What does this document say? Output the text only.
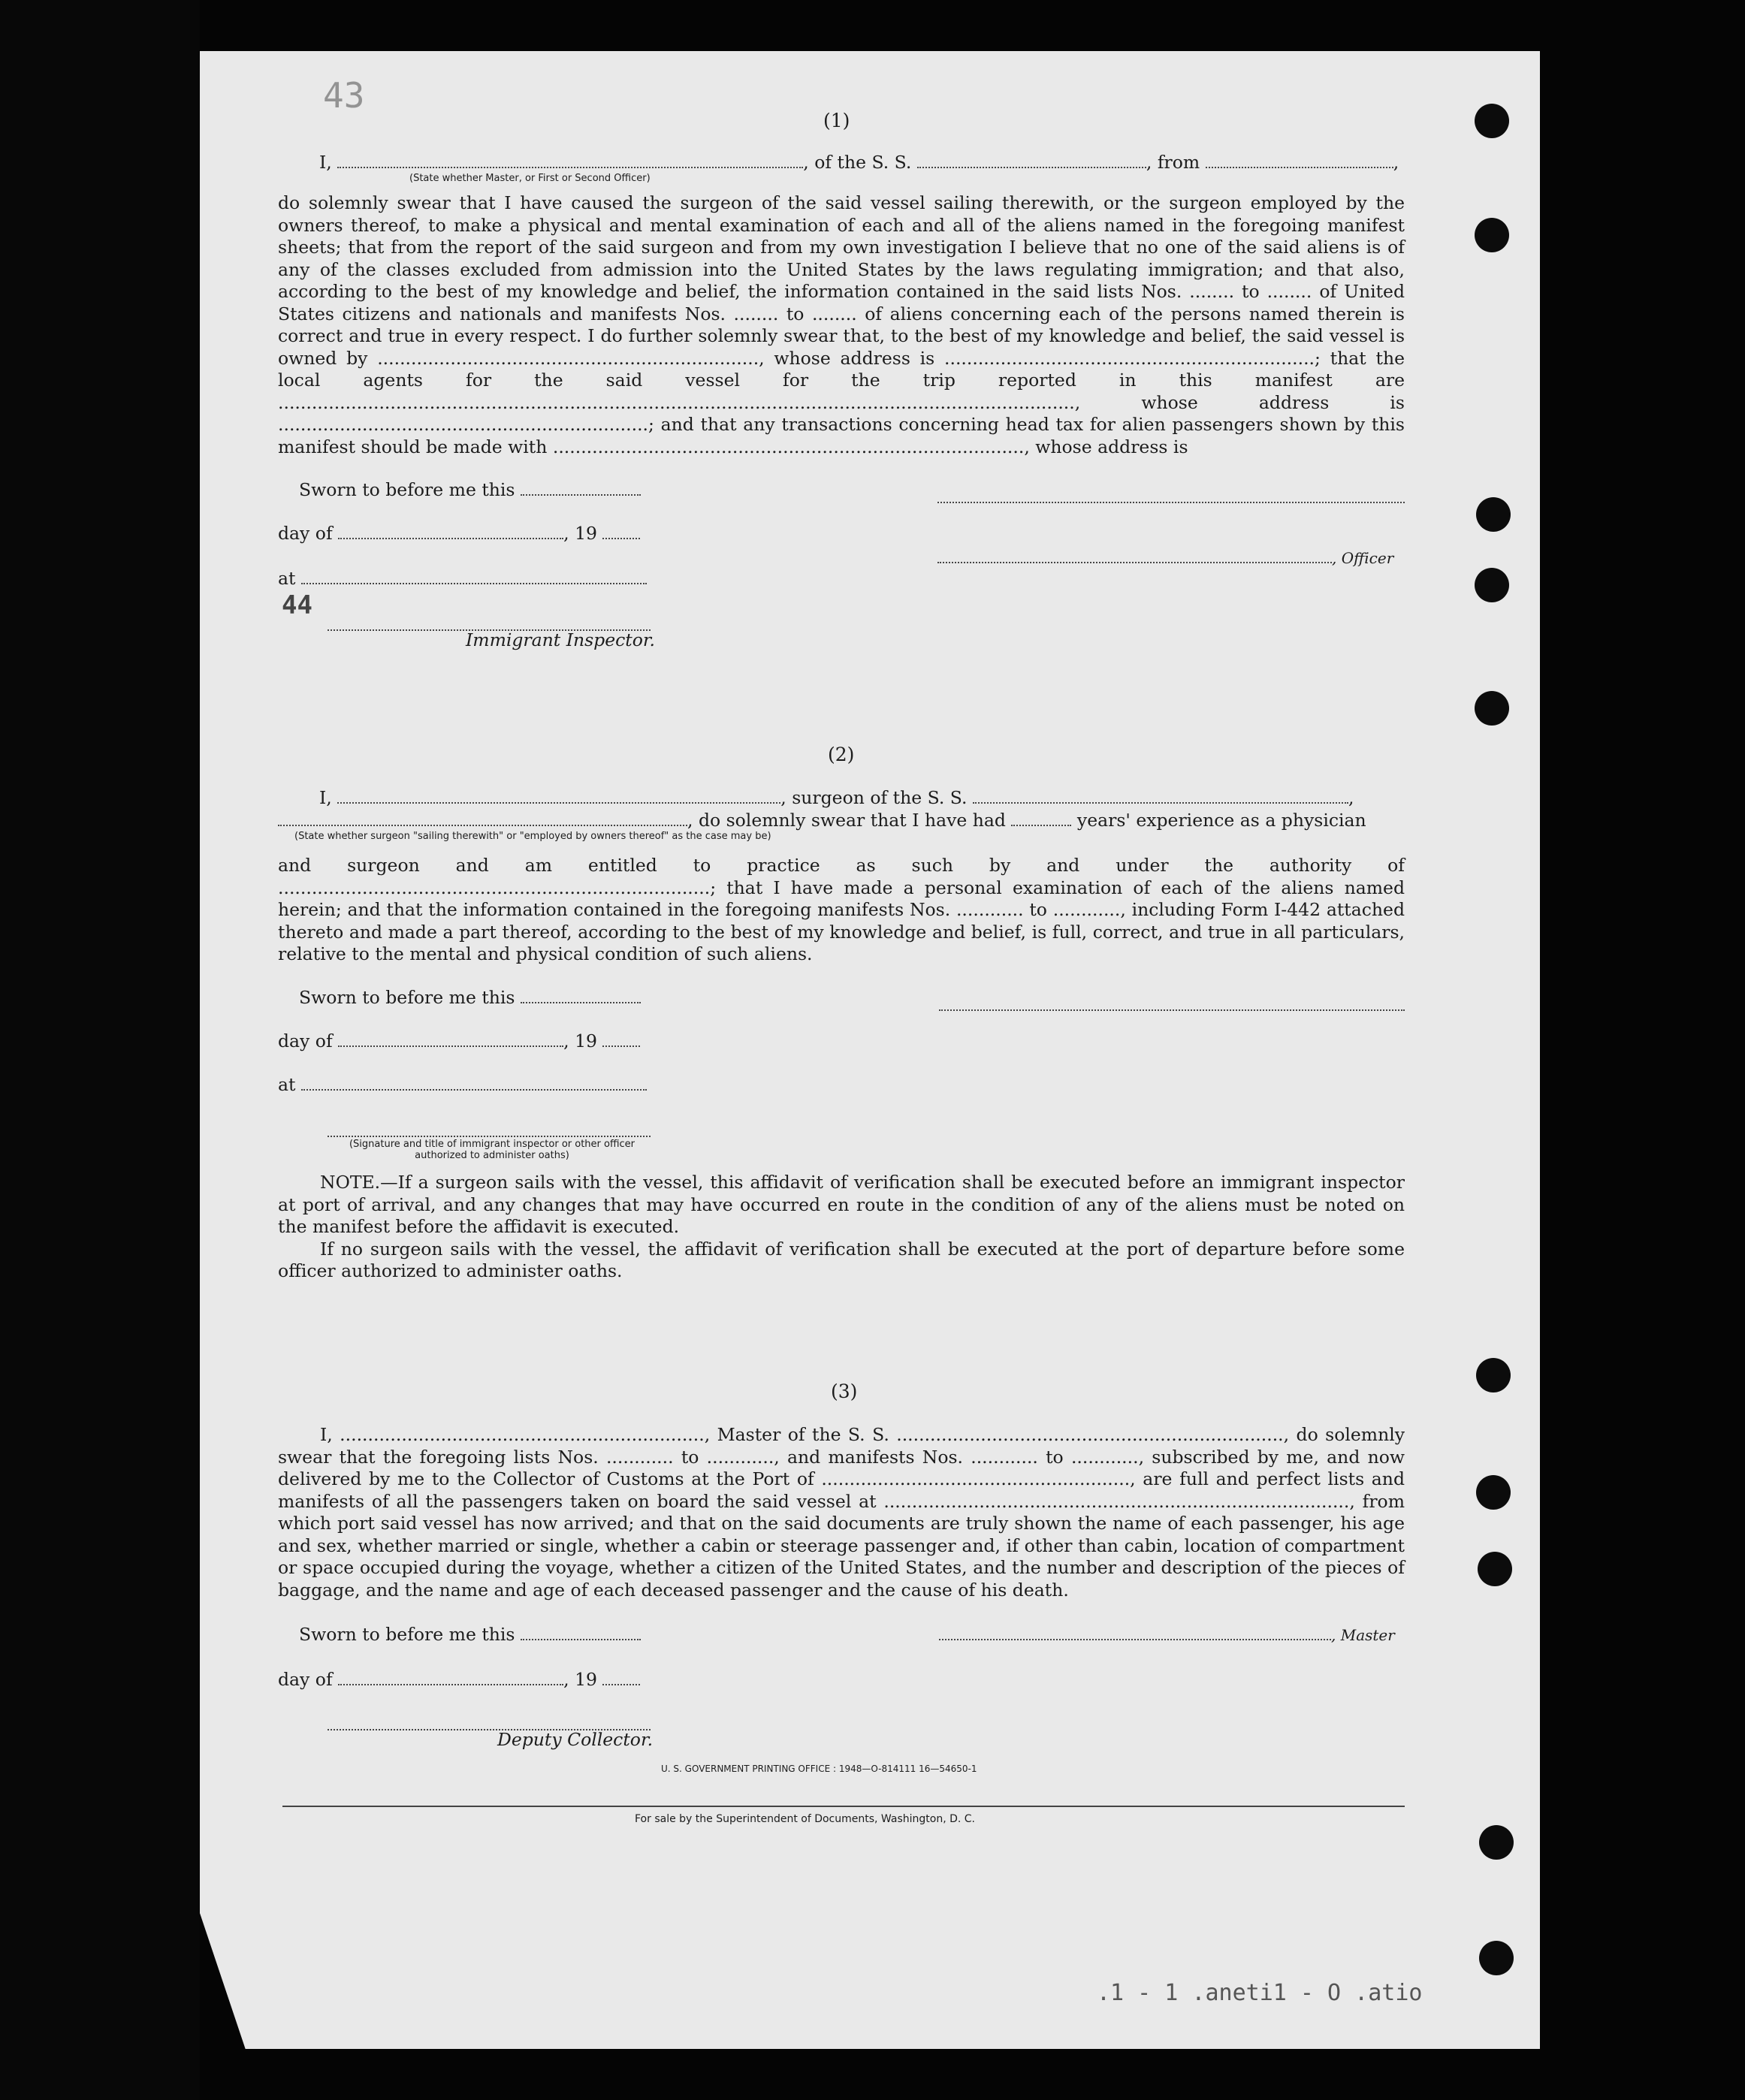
43
(1)
I,	, of the S. S.	, from	,
(State whether Master, or First or Second Officer)
do solemnly swear that I have caused the surgeon of the said vessel sailing therewith, or the surgeon employed by the owners thereof, to make a physical and mental examination of each and all of the aliens named in the foregoing manifest sheets; that from the report of the said surgeon and from my own investigation I believe that no one of the said aliens is of any of the classes excluded from admission into the United States by the laws regulating immigration; and that also, according to the best of my knowledge and belief, the information contained in the said lists Nos. ........ to ........ of United States citizens and nationals and manifests Nos. ........ to ........ of aliens concerning each of the persons named therein is correct and true in every respect. I do further solemnly swear that, to the best of my knowledge and belief, the said vessel is owned by ...................................................................., whose address is ..................................................................; that the local agents for the said vessel for the trip reported in this manifest are .............................................................................................................................................., whose address is ..................................................................; and that any transactions concerning head tax for alien passengers shown by this manifest should be made with ...................................................................................., whose address is
Sworn to before me this
day of	, 19
, Officer
at
44
Immigrant Inspector.
(2)
I,	, surgeon of the S. S.	,
, do solemnly swear that I have had	years' experience as a physician
(State whether surgeon "sailing therewith" or "employed by owners thereof" as the case may be)
and surgeon and am entitled to practice as such by and under the authority of .............................................................................; that I have made a personal examination of each of the aliens named herein; and that the information contained in the foregoing manifests Nos. ............ to ............, including Form I-442 attached thereto and made a part thereof, according to the best of my knowledge and belief, is full, correct, and true in all particulars, relative to the mental and physical condition of such aliens.
Sworn to before me this
day of	, 19
at
(Signature and title of immigrant inspector or other officer authorized to administer oaths)
NOTE.—If a surgeon sails with the vessel, this affidavit of verification shall be executed before an immigrant inspector at port of arrival, and any changes that may have occurred en route in the condition of any of the aliens must be noted on the manifest before the affidavit is executed.
If no surgeon sails with the vessel, the affidavit of verification shall be executed at the port of departure before some officer authorized to administer oaths.
(3)
I, ................................................................., Master of the S. S. ....................................................................., do solemnly swear that the foregoing lists Nos. ............ to ............, and manifests Nos. ............ to ............, subscribed by me, and now delivered by me to the Collector of Customs at the Port of ......................................................., are full and perfect lists and manifests of all the passengers taken on board the said vessel at ..................................................................................., from which port said vessel has now arrived; and that on the said documents are truly shown the name of each passenger, his age and sex, whether married or single, whether a cabin or steerage passenger and, if other than cabin, location of compartment or space occupied during the voyage, whether a citizen of the United States, and the number and description of the pieces of baggage, and the name and age of each deceased passenger and the cause of his death.
Sworn to before me this	, Master
day of	, 19
Deputy Collector.
U. S. GOVERNMENT PRINTING OFFICE : 1948—O-814111 16—54650-1
For sale by the Superintendent of Documents, Washington, D. C.
.1 - 1 .aneti1 - O .atio
